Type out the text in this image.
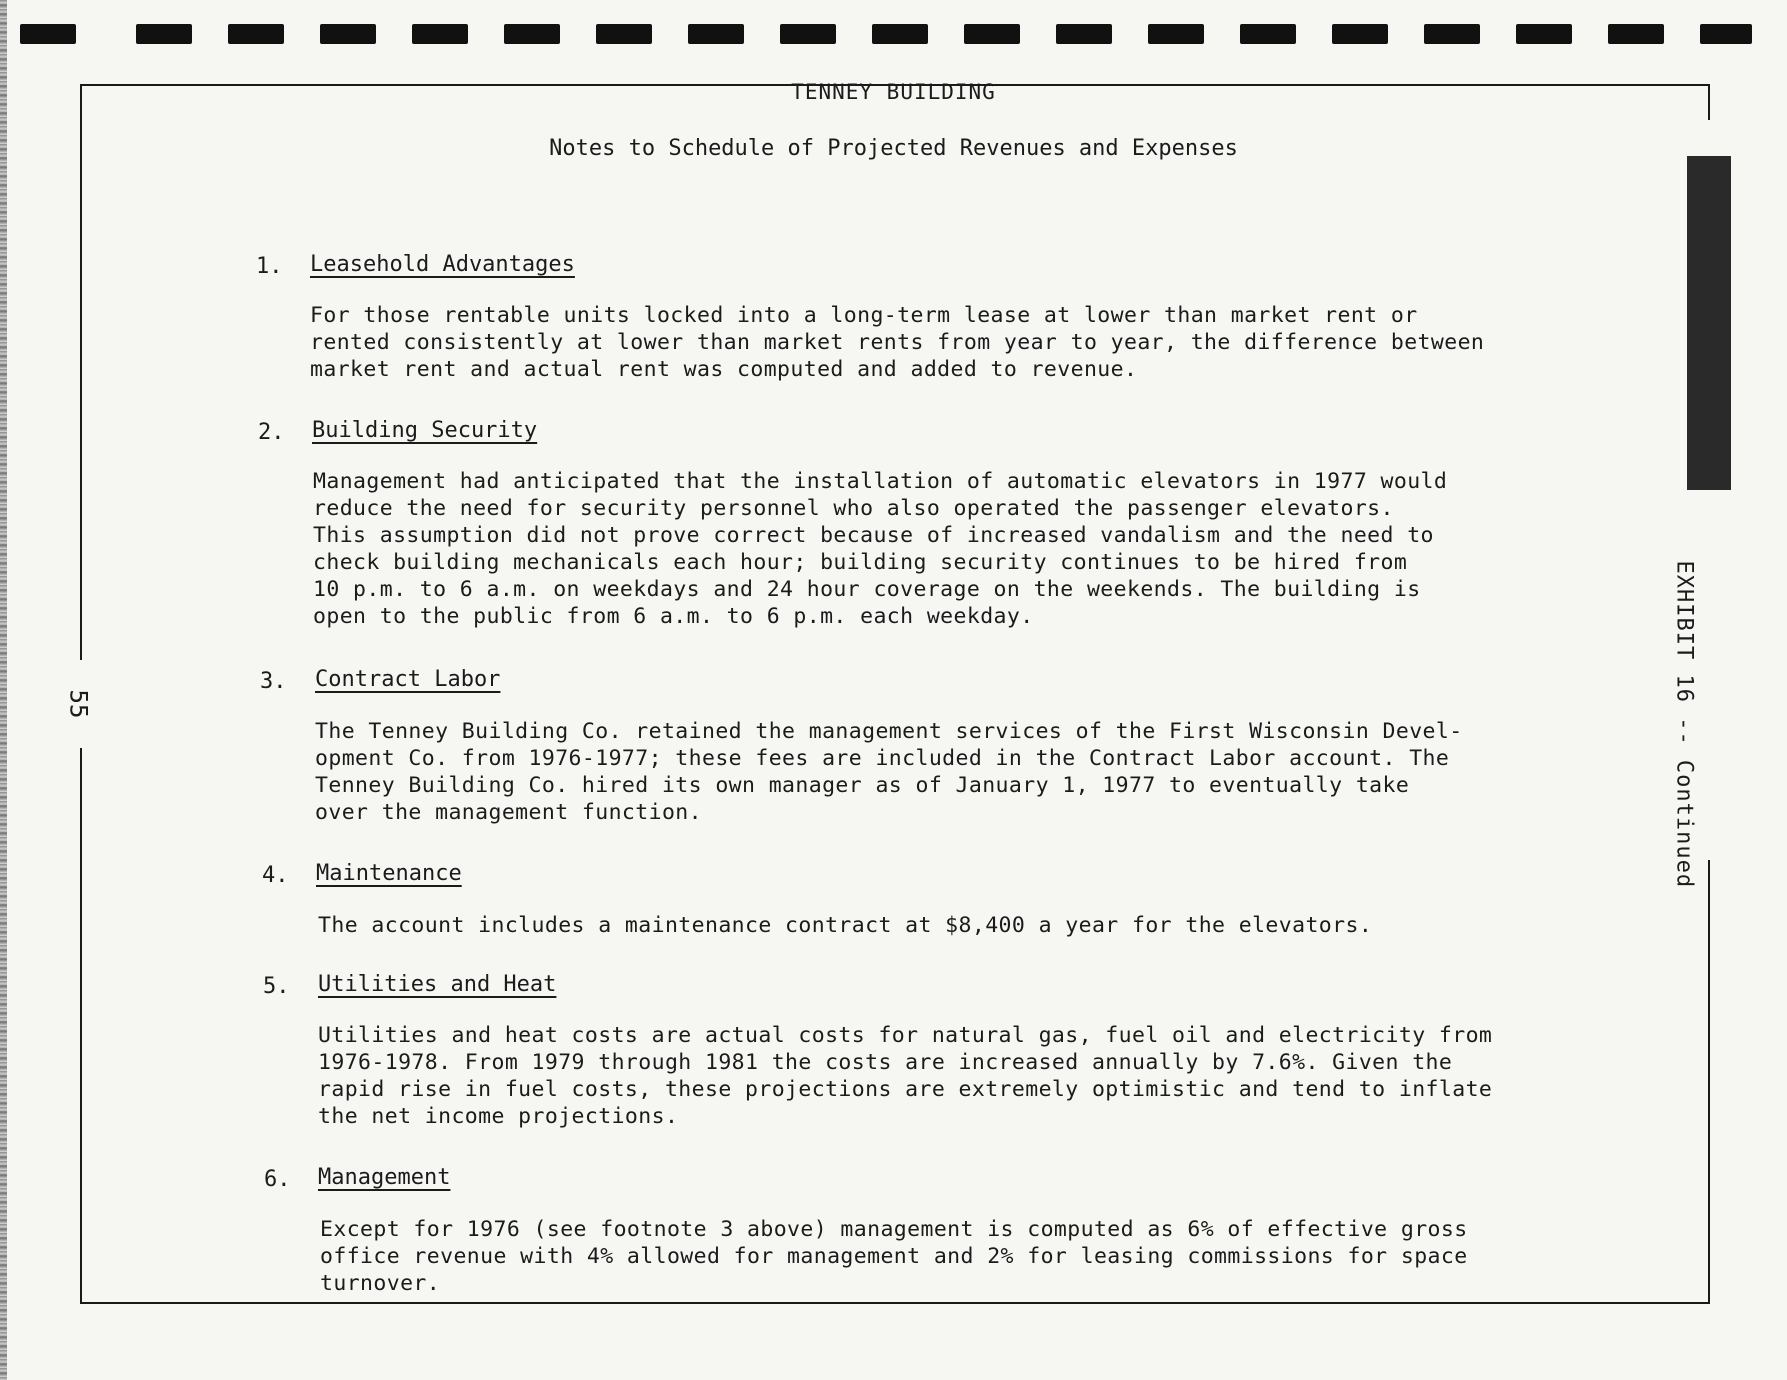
55	EXHIBIT 16 -- Continued
TENNEY BUILDING
Notes to Schedule of Projected Revenues and Expenses
1. Leasehold Advantages
For those rentable units locked into a long-term lease at lower than market rent or
rented consistently at lower than market rents from year to year, the difference between
market rent and actual rent was computed and added to revenue.
2. Building Security
Management had anticipated that the installation of automatic elevators in 1977 would
reduce the need for security personnel who also operated the passenger elevators.
This assumption did not prove correct because of increased vandalism and the need to
check building mechanicals each hour; building security continues to be hired from
10 p.m. to 6 a.m. on weekdays and 24 hour coverage on the weekends. The building is
open to the public from 6 a.m. to 6 p.m. each weekday.
3. Contract Labor
The Tenney Building Co. retained the management services of the First Wisconsin Devel-
opment Co. from 1976-1977; these fees are included in the Contract Labor account. The
Tenney Building Co. hired its own manager as of January 1, 1977 to eventually take
over the management function.
4. Maintenance
The account includes a maintenance contract at $8,400 a year for the elevators.
5. Utilities and Heat
Utilities and heat costs are actual costs for natural gas, fuel oil and electricity from
1976-1978. From 1979 through 1981 the costs are increased annually by 7.6%. Given the
rapid rise in fuel costs, these projections are extremely optimistic and tend to inflate
the net income projections.
6. Management
Except for 1976 (see footnote 3 above) management is computed as 6% of effective gross
office revenue with 4% allowed for management and 2% for leasing commissions for space
turnover.
